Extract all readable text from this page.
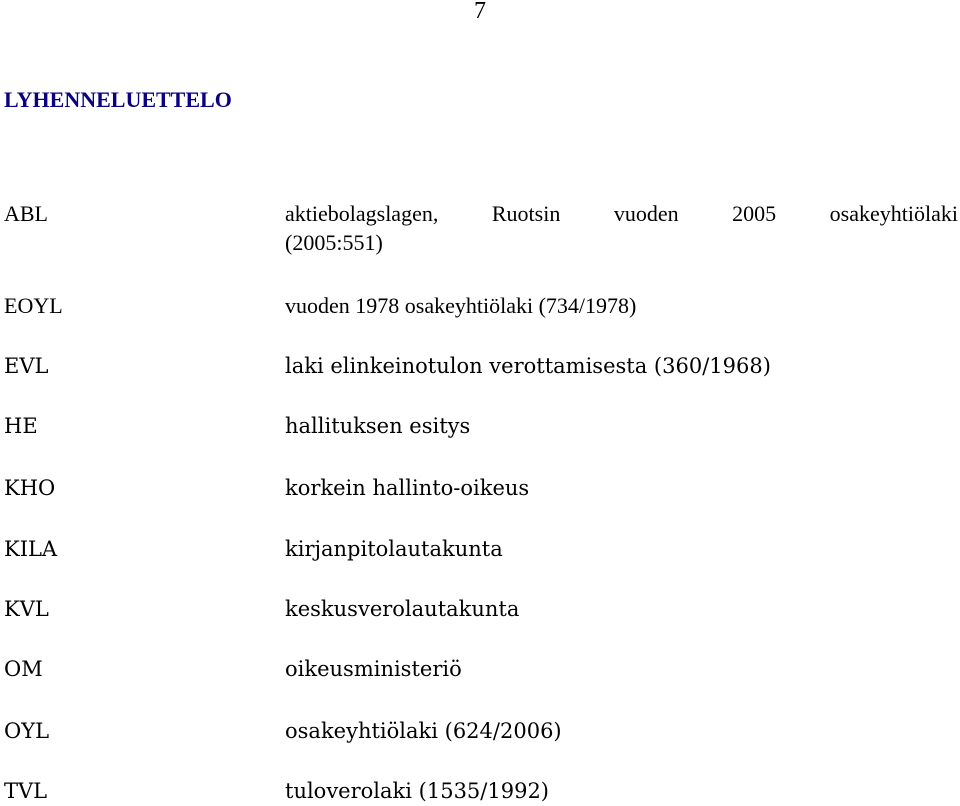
7
LYHENNELUETTELO
ABL	aktiebolagslagen, Ruotsin vuoden 2005 osakeyhtiölaki
(2005:551)
EOYL	vuoden 1978 osakeyhtiölaki (734/1978)
EVL	laki elinkeinotulon verottamisesta (360/1968)
HE	hallituksen esitys
KHO	korkein hallinto-oikeus
KILA	kirjanpitolautakunta
KVL	keskusverolautakunta
OM	oikeusministeriö
OYL	osakeyhtiölaki (624/2006)
TVL	tuloverolaki (1535/1992)
